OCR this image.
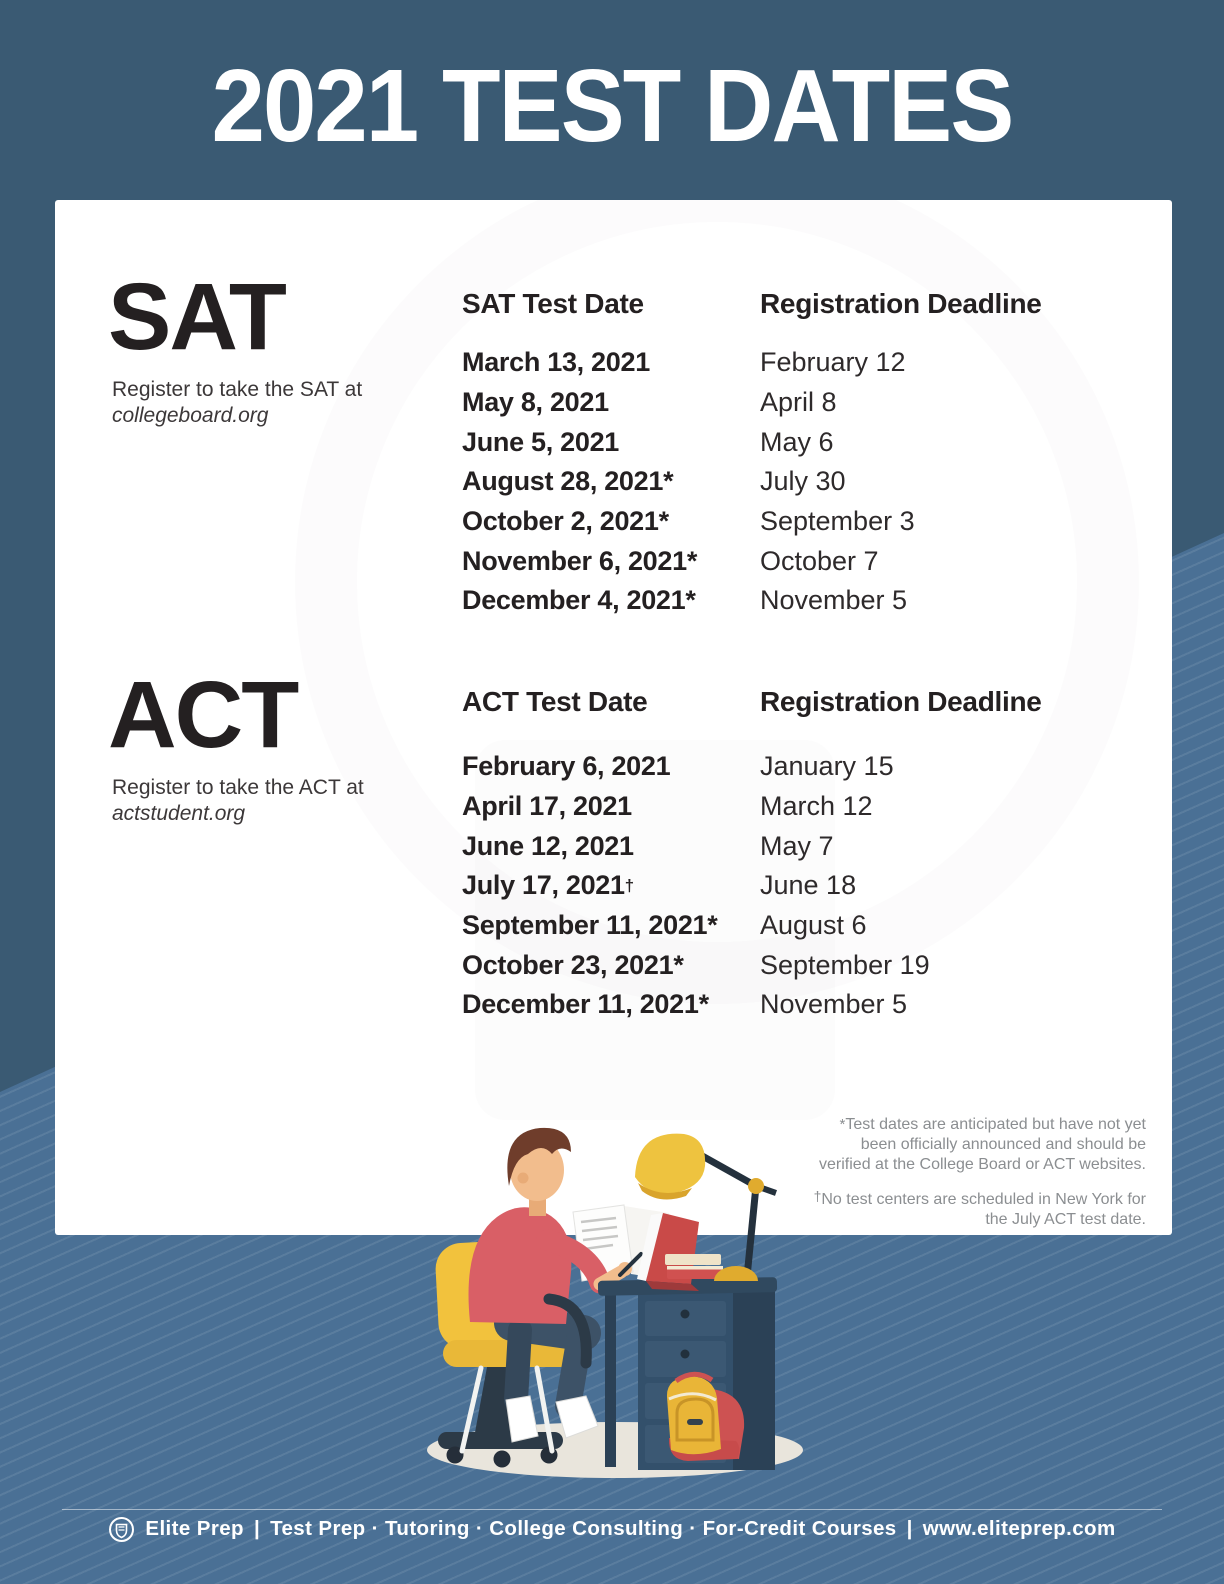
2021 TEST DATES
SAT
Register to take the SAT at
collegeboard.org
SAT Test Date	Registration Deadline
March 13, 2021	February 12
May 8, 2021	April 8
June 5, 2021	May 6
August 28, 2021*	July 30
October 2, 2021*	September 3
November 6, 2021* October 7
December 4, 2021* November 5
ACT
Register to take the ACT at
actstudent.org
ACT Test Date	Registration Deadline
February 6, 2021	January 15
April 17, 2021	March 12
June 12, 2021	May 7
July 17, 2021 †	June 18
September 11, 2021* August 6
October 23, 2021*	September 19
December 11, 2021* November 5
*Test dates are anticipated but have not yet
been officially announced and should be
verified at the College Board or ACT websites.
†No test centers are scheduled in New York for
the July ACT test date.
Elite Prep | Test Prep · Tutoring · College Consulting · For-Credit Courses | www.eliteprep.com
